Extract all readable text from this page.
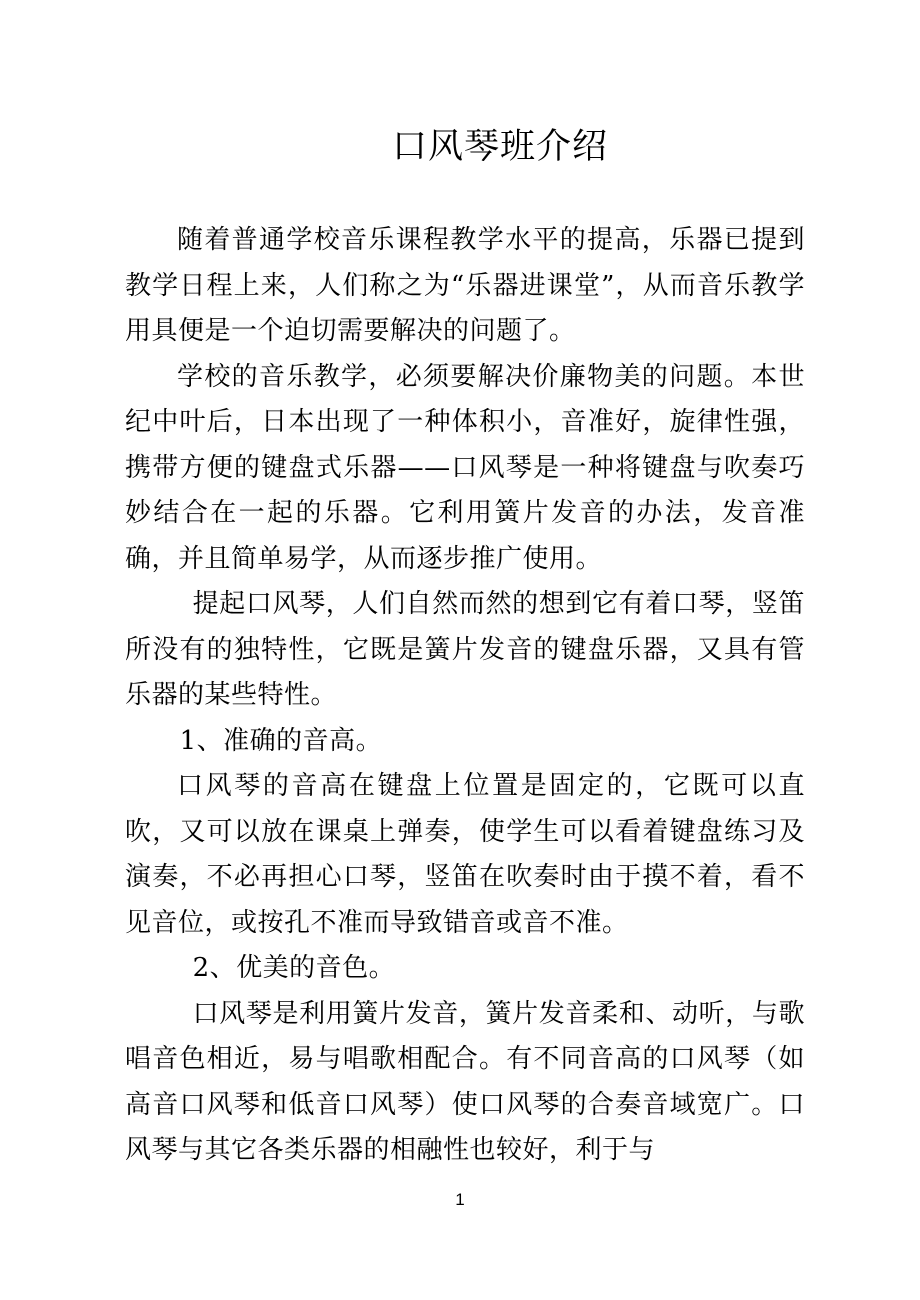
口风琴班介绍

随着普通学校音乐课程教学水平的提高，乐器已提到教学日程上来，人们称之为“乐器进课堂”，从而音乐教学用具便是一个迫切需要解决的问题了。

学校的音乐教学，必须要解决价廉物美的问题。本世纪中叶后，日本出现了一种体积小，音准好，旋律性强，携带方便的键盘式乐器——口风琴是一种将键盘与吹奏巧妙结合在一起的乐器。它利用簧片发音的办法，发音准确，并且简单易学，从而逐步推广使用。

提起口风琴，人们自然而然的想到它有着口琴，竖笛所没有的独特性，它既是簧片发音的键盘乐器，又具有管乐器的某些特性。

1、准确的音高。

口风琴的音高在键盘上位置是固定的，它既可以直吹，又可以放在课桌上弹奏，使学生可以看着键盘练习及演奏，不必再担心口琴，竖笛在吹奏时由于摸不着，看不见音位，或按孔不准而导致错音或音不准。

2、优美的音色。

口风琴是利用簧片发音，簧片发音柔和、动听，与歌唱音色相近，易与唱歌相配合。有不同音高的口风琴（如高音口风琴和低音口风琴）使口风琴的合奏音域宽广。口风琴与其它各类乐器的相融性也较好，利于与

1
